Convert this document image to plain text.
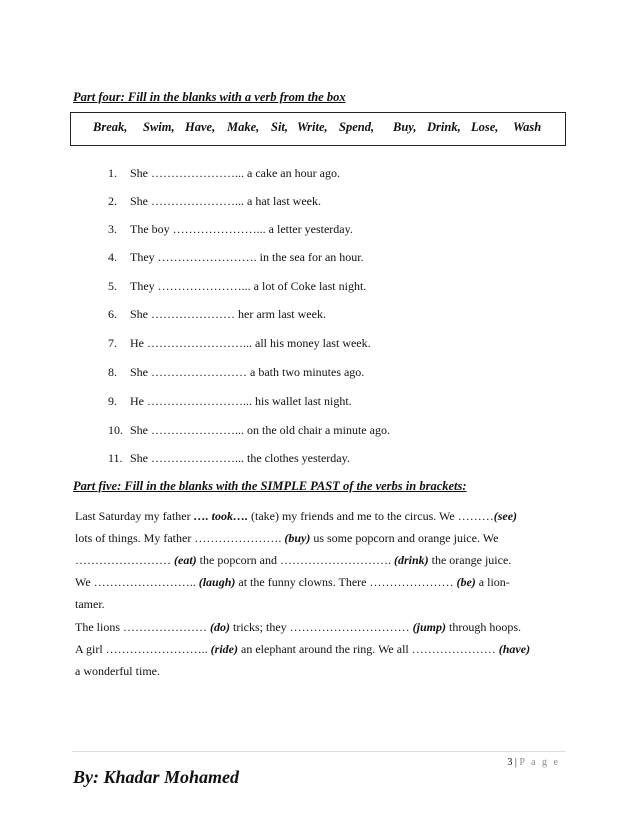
Part four: Fill in the blanks with a verb from the box
Break, Swim, Have, Make, Sit, Write, Spend, Buy, Drink, Lose, Wash
1. She …………………... a cake an hour ago.
2. She …………………... a hat last week.
3. The boy …………………... a letter yesterday.
4. They ……………………. in the sea for an hour.
5. They …………………... a lot of Coke last night.
6. She ………………… her arm last week.
7. He ……………………... all his money last week.
8. She …………………… a bath two minutes ago.
9. He ……………………... his wallet last night.
10. She …………………... on the old chair a minute ago.
11. She …………………... the clothes yesterday.
Part five: Fill in the blanks with the SIMPLE PAST of the verbs in brackets:
Last Saturday my father …. took…. (take) my friends and me to the circus. We ………(see)
lots of things. My father …………………. (buy) us some popcorn and orange juice. We
…………………… (eat) the popcorn and ………………………. (drink) the orange juice.
We …………………….. (laugh) at the funny clowns. There ………………… (be) a lion-
tamer.
The lions ………………… (do) tricks; they ………………………… (jump) through hoops.
A girl …………………….. (ride) an elephant around the ring. We all ………………… (have)
a wonderful time.
3 | P a g e
By: Khadar Mohamed
